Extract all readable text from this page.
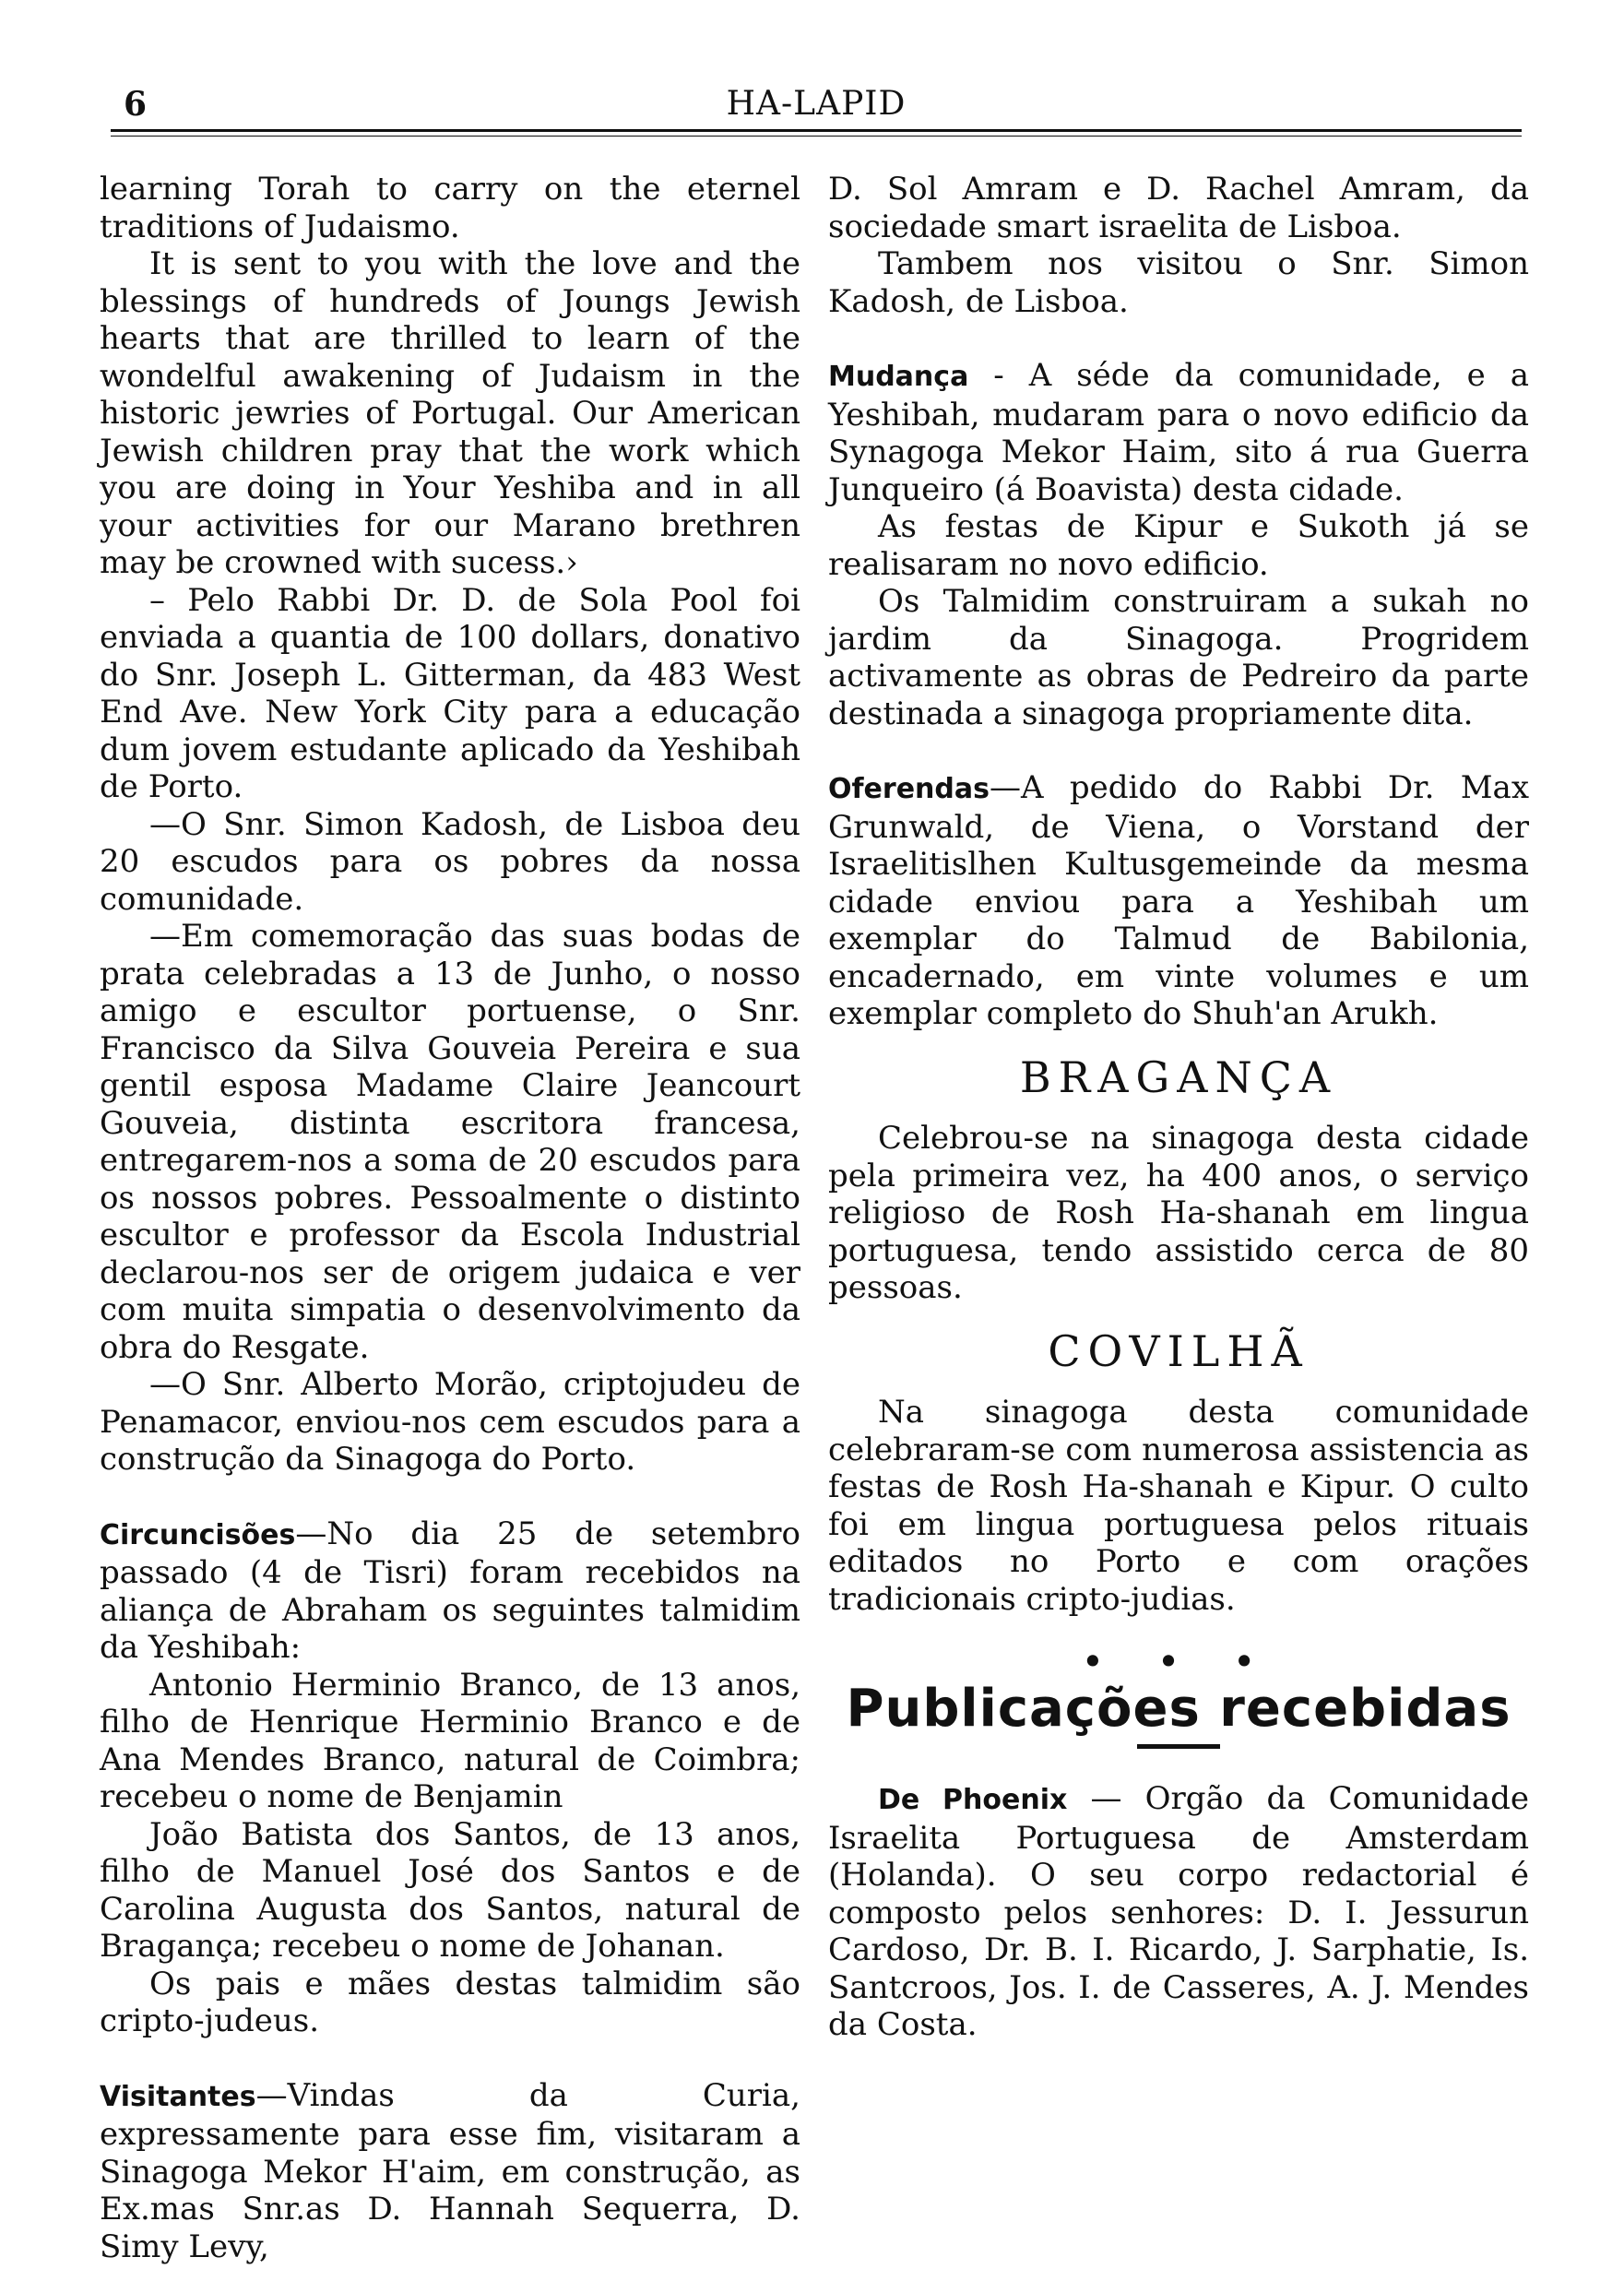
6	HA-LAPID

learning Torah to carry on the eternel traditions of Judaismo.

It is sent to you with the love and the blessings of hundreds of Joungs Jewish hearts that are thrilled to learn of the wondelful awakening of Judaism in the historic jewries of Portugal. Our American Jewish children pray that the work which you are doing in Your Yeshiba and in all your activities for our Marano brethren may be crowned with sucess.›

– Pelo Rabbi Dr. D. de Sola Pool foi enviada a quantia de 100 dollars, donativo do Snr. Joseph L. Gitterman, da 483 West End Ave. New York City para a educação dum jovem estudante aplicado da Yeshibah de Porto.

—O Snr. Simon Kadosh, de Lisboa deu 20 escudos para os pobres da nossa comunidade.

—Em comemoração das suas bodas de prata celebradas a 13 de Junho, o nosso amigo e escultor portuense, o Snr. Francisco da Silva Gouveia Pereira e sua gentil esposa Madame Claire Jeancourt Gouveia, distinta escritora francesa, entregarem-nos a soma de 20 escudos para os nossos pobres. Pessoalmente o distinto escultor e professor da Escola Industrial declarou-nos ser de origem judaica e ver com muita simpatia o desenvolvimento da obra do Resgate.

—O Snr. Alberto Morão, criptojudeu de Penamacor, enviou-nos cem escudos para a construção da Sinagoga do Porto.

Circuncisões—No dia 25 de setembro passado (4 de Tisri) foram recebidos na aliança de Abraham os seguintes talmidim da Yeshibah:

Antonio Herminio Branco, de 13 anos, filho de Henrique Herminio Branco e de Ana Mendes Branco, natural de Coimbra; recebeu o nome de Benjamin

João Batista dos Santos, de 13 anos, filho de Manuel José dos Santos e de Carolina Augusta dos Santos, natural de Bragança; recebeu o nome de Johanan.

Os pais e mães destas talmidim são cripto-judeus.

Visitantes—Vindas da Curia, expressamente para esse fim, visitaram a Sinagoga Mekor H'aim, em construção, as Ex.mas Snr.as D. Hannah Sequerra, D. Simy Levy,

D. Sol Amram e D. Rachel Amram, da sociedade smart israelita de Lisboa.

Tambem nos visitou o Snr. Simon Kadosh, de Lisboa.

Mudança - A séde da comunidade, e a Yeshibah, mudaram para o novo edificio da Synagoga Mekor Haim, sito á rua Guerra Junqueiro (á Boavista) desta cidade.

As festas de Kipur e Sukoth já se realisaram no novo edificio.

Os Talmidim construiram a sukah no jardim da Sinagoga. Progridem activamente as obras de Pedreiro da parte destinada a sinagoga propriamente dita.

Oferendas—A pedido do Rabbi Dr. Max Grunwald, de Viena, o Vorstand der Israelitislhen Kultusgemeinde da mesma cidade enviou para a Yeshibah um exemplar do Talmud de Babilonia, encadernado, em vinte volumes e um exemplar completo do Shuh'an Arukh.

BRAGANÇA

Celebrou-se na sinagoga desta cidade pela primeira vez, ha 400 anos, o serviço religioso de Rosh Ha-shanah em lingua portuguesa, tendo assistido cerca de 80 pessoas.

COVILHÃ

Na sinagoga desta comunidade celebraram-se com numerosa assistencia as festas de Rosh Ha-shanah e Kipur. O culto foi em lingua portuguesa pelos rituais editados no Porto e com orações tradicionais cripto-judias.

• • •
Publicações recebidas

De Phoenix — Orgão da Comunidade Israelita Portuguesa de Amsterdam (Holanda). O seu corpo redactorial é composto pelos senhores: D. I. Jessurun Cardoso, Dr. B. I. Ricardo, J. Sarphatie, Is. Santcroos, Jos. I. de Casseres, A. J. Mendes da Costa.
